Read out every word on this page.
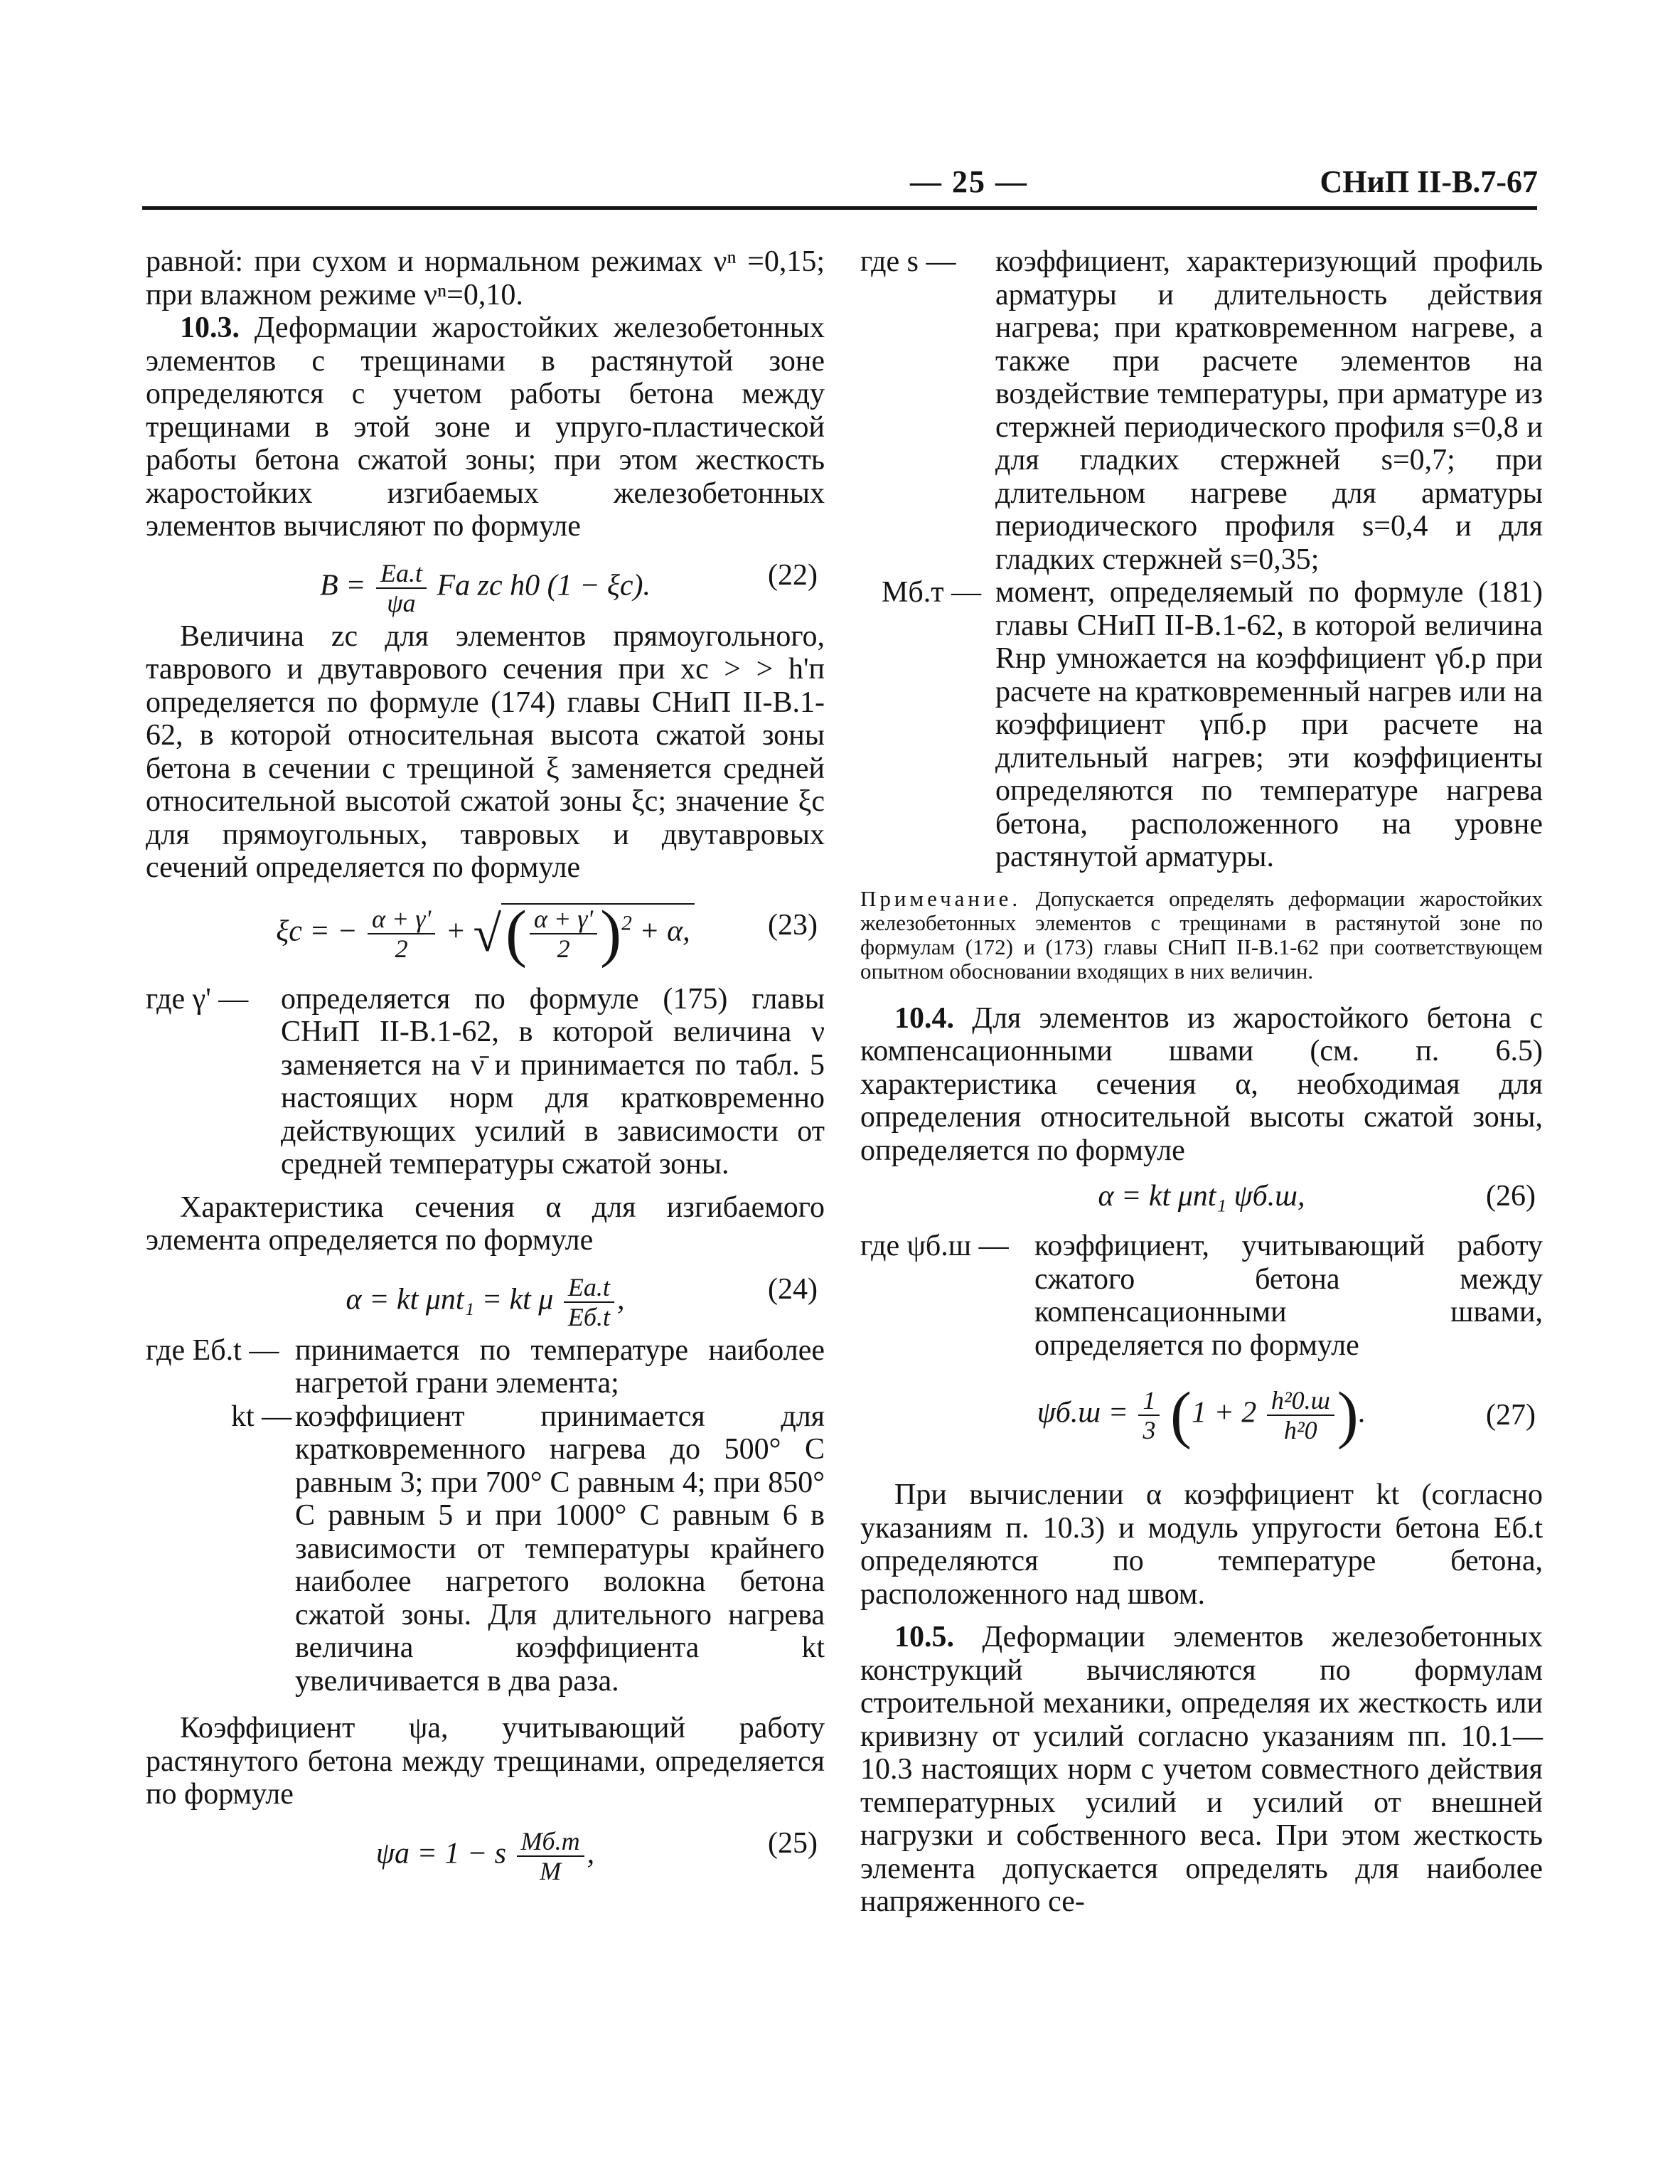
— 25 —	СНиП II-В.7-67

равной: при сухом и нормальном режимах νⁿ =0,15; при влажном режиме νⁿ=0,10.

10.3. Деформации жаростойких железобетонных элементов с трещинами в растянутой зоне определяются с учетом работы бетона между трещинами в этой зоне и упруго-пластической работы бетона сжатой зоны; при этом жесткость жаростойких изгибаемых железобетонных элементов вычисляют по формуле

$B = \frac{Eа.t}{\psi а}$ Fа zс h0 (1 − ξс).	(22)

Величина zс для элементов прямоугольного, таврового и двутаврового сечения при xс > > h'п определяется по формуле (174) главы СНиП II-В.1-62, в которой относительная высота сжатой зоны бетона в сечении с трещиной ξ заменяется средней относительной высотой сжатой зоны ξс; значение ξс для прямоугольных, тавровых и двутавровых сечений определяется по формуле

ξс = − $\frac{\alpha + \gamma'}{2}$ + √( $\frac{\alpha + \gamma'}{2} )^2 + \alpha$,	(23)
где γ' — определяется по формуле (175) главы СНиП II-В.1-62, в которой величина ν заменяется на ν̄ и принимается по табл. 5 настоящих норм для кратковременно действующих усилий в зависимости от средней температуры сжатой зоны.

Характеристика сечения α для изгибаемого элемента определяется по формуле

α = kt μnt₁ = kt μ $\frac{Eа.t}{Eб.t}$ ,	(24)
где Eб.t — принимается по температуре наиболее нагретой грани элемента;

kt — коэффициент принимается для кратковременного нагрева до 500° С равным 3; при 700° С равным 4; при 850° С равным 5 и при 1000° С равным 6 в зависимости от температуры крайнего наиболее нагретого волокна бетона сжатой зоны. Для длительного нагрева величина коэффициента kt увеличивается в два раза.

Коэффициент ψа, учитывающий работу растянутого бетона между трещинами, определяется по формуле

ψа = 1 − s $\frac{Mб.т}{M}$ ,	(25)
где s — коэффициент, характеризующий профиль арматуры и длительность действия нагрева; при кратковременном нагреве, а также при расчете элементов на воздействие температуры, при арматуре из стержней периодического профиля s=0,8 и для гладких стержней s=0,7; при длительном нагреве для арматуры периодического профиля s=0,4 и для гладких стержней s=0,35;

Mб.т — момент, определяемый по формуле (181) главы СНиП II-В.1-62, в которой величина Rнр умножается на коэффициент γб.р при расчете на кратковременный нагрев или на коэффициент γпб.р при расчете на длительный нагрев; эти коэффициенты определяются по температуре нагрева бетона, расположенного на уровне растянутой арматуры.

Примечание. Допускается определять деформации жаростойких железобетонных элементов с трещинами в растянутой зоне по формулам (172) и (173) главы СНиП II-В.1-62 при соответствующем опытном обосновании входящих в них величин.

10.4. Для элементов из жаростойкого бетона с компенсационными швами (см. п. 6.5) характеристика сечения α, необходимая для определения относительной высоты сжатой зоны, определяется по формуле

α = kt μnt₁ ψб.ш,	(26)
где ψб.ш — коэффициент, учитывающий работу сжатого бетона между компенсационными швами, определяется по формуле

$\psi б.ш = \frac{1}{3} (1 + 2 \frac{\text{h²0.ш}}{\text{h²0}}$ ).	(27)

При вычислении α коэффициент kt (согласно указаниям п. 10.3) и модуль упругости бетона Eб.t определяются по температуре бетона, расположенного над швом.

10.5. Деформации элементов железобетонных конструкций вычисляются по формулам строительной механики, определяя их жесткость или кривизну от усилий согласно указаниям пп. 10.1—10.3 настоящих норм с учетом совместного действия температурных усилий и усилий от внешней нагрузки и собственного веса. При этом жесткость элемента допускается определять для наиболее напряженного се-
